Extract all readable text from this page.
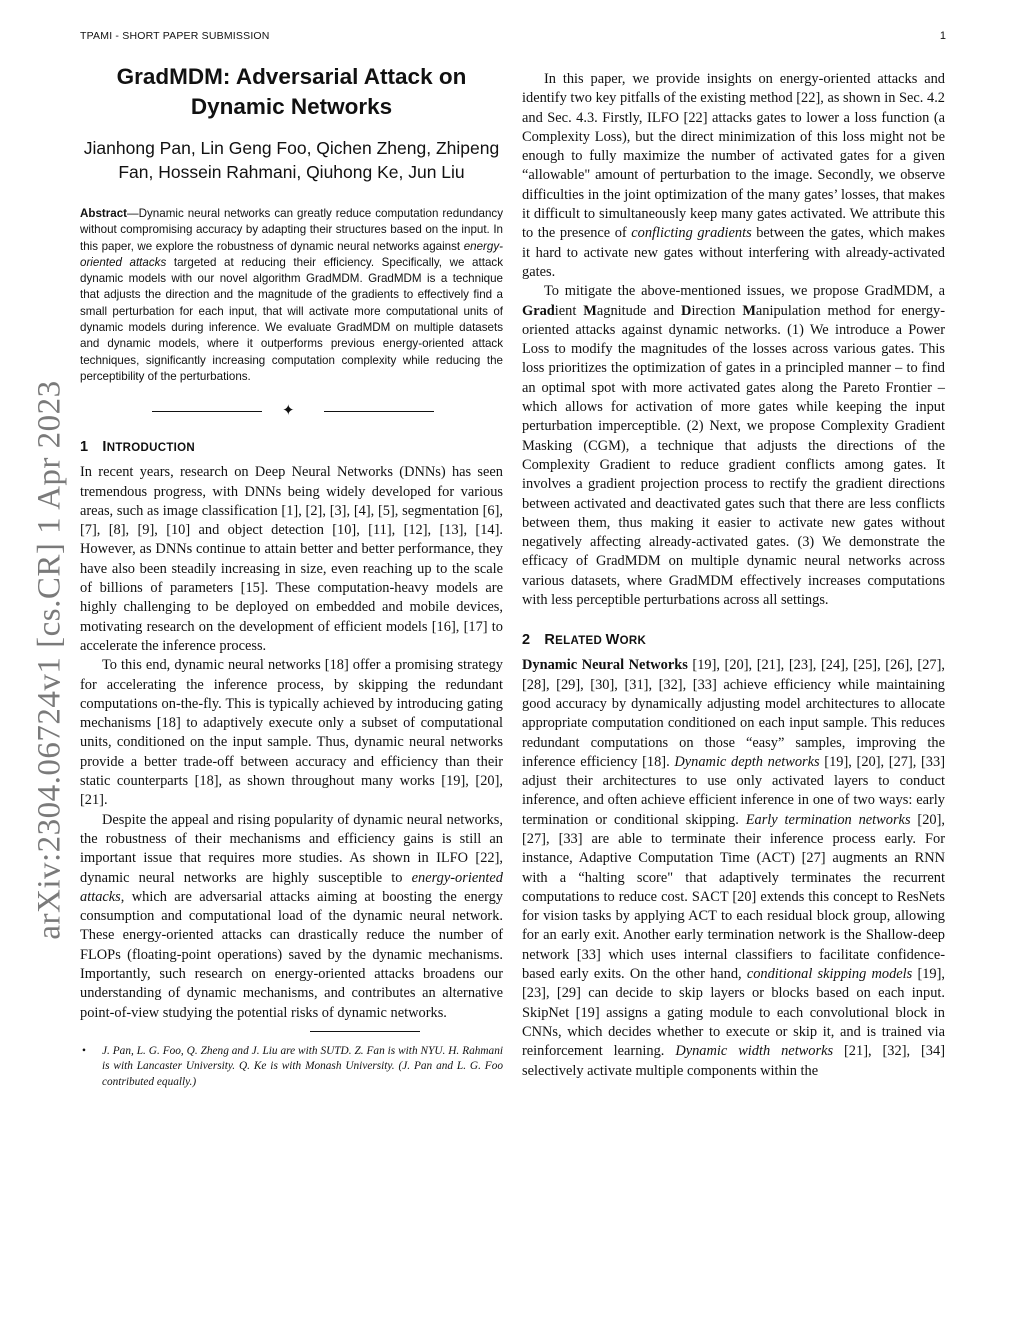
TPAMI - SHORT PAPER SUBMISSION	1
arXiv:2304.06724v1 [cs.CR] 1 Apr 2023
GradMDM: Adversarial Attack on Dynamic Networks
Jianhong Pan, Lin Geng Foo, Qichen Zheng, Zhipeng Fan, Hossein Rahmani, Qiuhong Ke, Jun Liu

Abstract—Dynamic neural networks can greatly reduce computation redundancy without compromising accuracy by adapting their structures based on the input. In this paper, we explore the robustness of dynamic neural networks against energy-oriented attacks targeted at reducing their efficiency. Specifically, we attack dynamic models with our novel algorithm GradMDM. GradMDM is a technique that adjusts the direction and the magnitude of the gradients to effectively find a small perturbation for each input, that will activate more computational units of dynamic models during inference. We evaluate GradMDM on multiple datasets and dynamic models, where it outperforms previous energy-oriented attack techniques, significantly increasing computation complexity while reducing the perceptibility of the perturbations.

✦
1 INTRODUCTION

In recent years, research on Deep Neural Networks (DNNs) has seen tremendous progress, with DNNs being widely developed for various areas, such as image classification [1], [2], [3], [4], [5], segmentation [6], [7], [8], [9], [10] and object detection [10], [11], [12], [13], [14]. However, as DNNs continue to attain better and better performance, they have also been steadily increasing in size, even reaching up to the scale of billions of parameters [15]. These computation-heavy models are highly challenging to be deployed on embedded and mobile devices, motivating research on the development of efficient models [16], [17] to accelerate the inference process.

To this end, dynamic neural networks [18] offer a promising strategy for accelerating the inference process, by skipping the redundant computations on-the-fly. This is typically achieved by introducing gating mechanisms [18] to adaptively execute only a subset of computational units, conditioned on the input sample. Thus, dynamic neural networks provide a better trade-off between accuracy and efficiency than their static counterparts [18], as shown throughout many works [19], [20], [21].

Despite the appeal and rising popularity of dynamic neural networks, the robustness of their mechanisms and efficiency gains is still an important issue that requires more studies. As shown in ILFO [22], dynamic neural networks are highly susceptible to energy-oriented attacks, which are adversarial attacks aiming at boosting the energy consumption and computational load of the dynamic neural network. These energy-oriented attacks can drastically reduce the number of FLOPs (floating-point operations) saved by the dynamic mechanisms. Importantly, such research on energy-oriented attacks broadens our understanding of dynamic mechanisms, and contributes an alternative point-of-view studying the potential risks of dynamic networks.

• J. Pan, L. G. Foo, Q. Zheng and J. Liu are with SUTD. Z. Fan is with NYU. H. Rahmani is with Lancaster University. Q. Ke is with Monash University. (J. Pan and L. G. Foo contributed equally.)

In this paper, we provide insights on energy-oriented attacks and identify two key pitfalls of the existing method [22], as shown in Sec. 4.2 and Sec. 4.3. Firstly, ILFO [22] attacks gates to lower a loss function (a Complexity Loss), but the direct minimization of this loss might not be enough to fully maximize the number of activated gates for a given “allowable" amount of perturbation to the image. Secondly, we observe difficulties in the joint optimization of the many gates’ losses, that makes it difficult to simultaneously keep many gates activated. We attribute this to the presence of conflicting gradients between the gates, which makes it hard to activate new gates without interfering with already-activated gates.

To mitigate the above-mentioned issues, we propose GradMDM, a Gradient Magnitude and Direction Manipulation method for energy-oriented attacks against dynamic networks. (1) We introduce a Power Loss to modify the magnitudes of the losses across various gates. This loss prioritizes the optimization of gates in a principled manner – to find an optimal spot with more activated gates along the Pareto Frontier – which allows for activation of more gates while keeping the input perturbation imperceptible. (2) Next, we propose Complexity Gradient Masking (CGM), a technique that adjusts the directions of the Complexity Gradient to reduce gradient conflicts among gates. It involves a gradient projection process to rectify the gradient directions between activated and deactivated gates such that there are less conflicts between them, thus making it easier to activate new gates without negatively affecting already-activated gates. (3) We demonstrate the efficacy of GradMDM on multiple dynamic neural networks across various datasets, where GradMDM effectively increases computations with less perceptible perturbations across all settings.

2 RELATED WORK

Dynamic Neural Networks [19], [20], [21], [23], [24], [25], [26], [27], [28], [29], [30], [31], [32], [33] achieve efficiency while maintaining good accuracy by dynamically adjusting model architectures to allocate appropriate computation conditioned on each input sample. This reduces redundant computations on those “easy” samples, improving the inference efficiency [18]. Dynamic depth networks [19], [20], [27], [33] adjust their architectures to use only activated layers to conduct inference, and often achieve efficient inference in one of two ways: early termination or conditional skipping. Early termination networks [20], [27], [33] are able to terminate their inference process early. For instance, Adaptive Computation Time (ACT) [27] augments an RNN with a “halting score" that adaptively terminates the recurrent computations to reduce cost. SACT [20] extends this concept to ResNets for vision tasks by applying ACT to each residual block group, allowing for an early exit. Another early termination network is the Shallow-deep network [33] which uses internal classifiers to facilitate confidence-based early exits. On the other hand, conditional skipping models [19], [23], [29] can decide to skip layers or blocks based on each input. SkipNet [19] assigns a gating module to each convolutional block in CNNs, which decides whether to execute or skip it, and is trained via reinforcement learning. Dynamic width networks [21], [32], [34] selectively activate multiple components within the
